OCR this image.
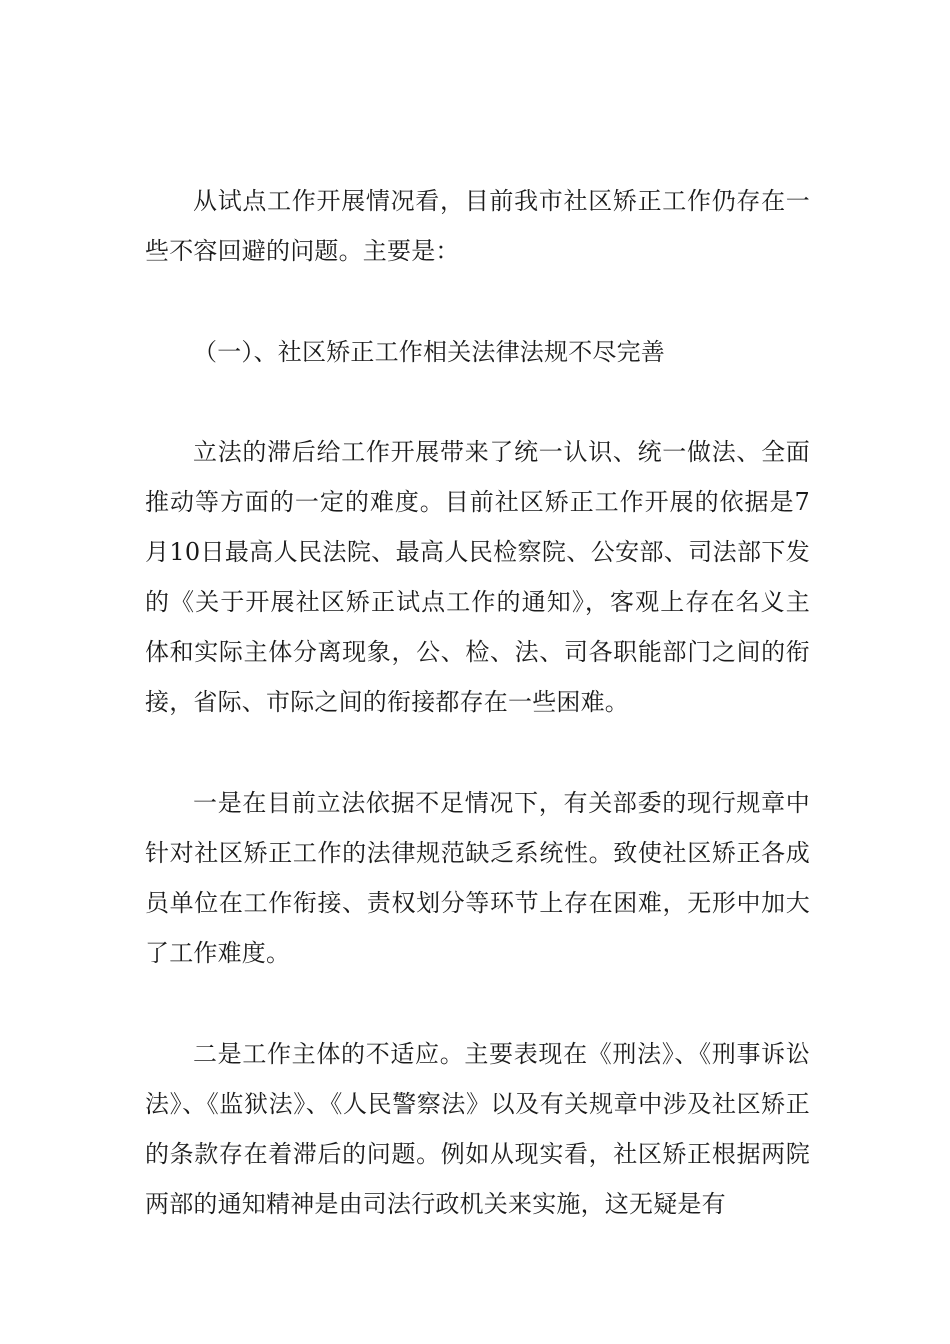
从试点工作开展情况看，目前我市社区矫正工作仍存在一些不容回避的问题。主要是：

（一）、社区矫正工作相关法律法规不尽完善

立法的滞后给工作开展带来了统一认识、统一做法、全面推动等方面的一定的难度。目前社区矫正工作开展的依据是7月10日最高人民法院、最高人民检察院、公安部、司法部下发的《关于开展社区矫正试点工作的通知》，客观上存在名义主体和实际主体分离现象，公、检、法、司各职能部门之间的衔接，省际、市际之间的衔接都存在一些困难。

一是在目前立法依据不足情况下，有关部委的现行规章中针对社区矫正工作的法律规范缺乏系统性。致使社区矫正各成员单位在工作衔接、责权划分等环节上存在困难，无形中加大了工作难度。

二是工作主体的不适应。主要表现在《刑法》、《刑事诉讼法》、《监狱法》、《人民警察法》以及有关规章中涉及社区矫正的条款存在着滞后的问题。例如从现实看，社区矫正根据两院两部的通知精神是由司法行政机关来实施，这无疑是有
